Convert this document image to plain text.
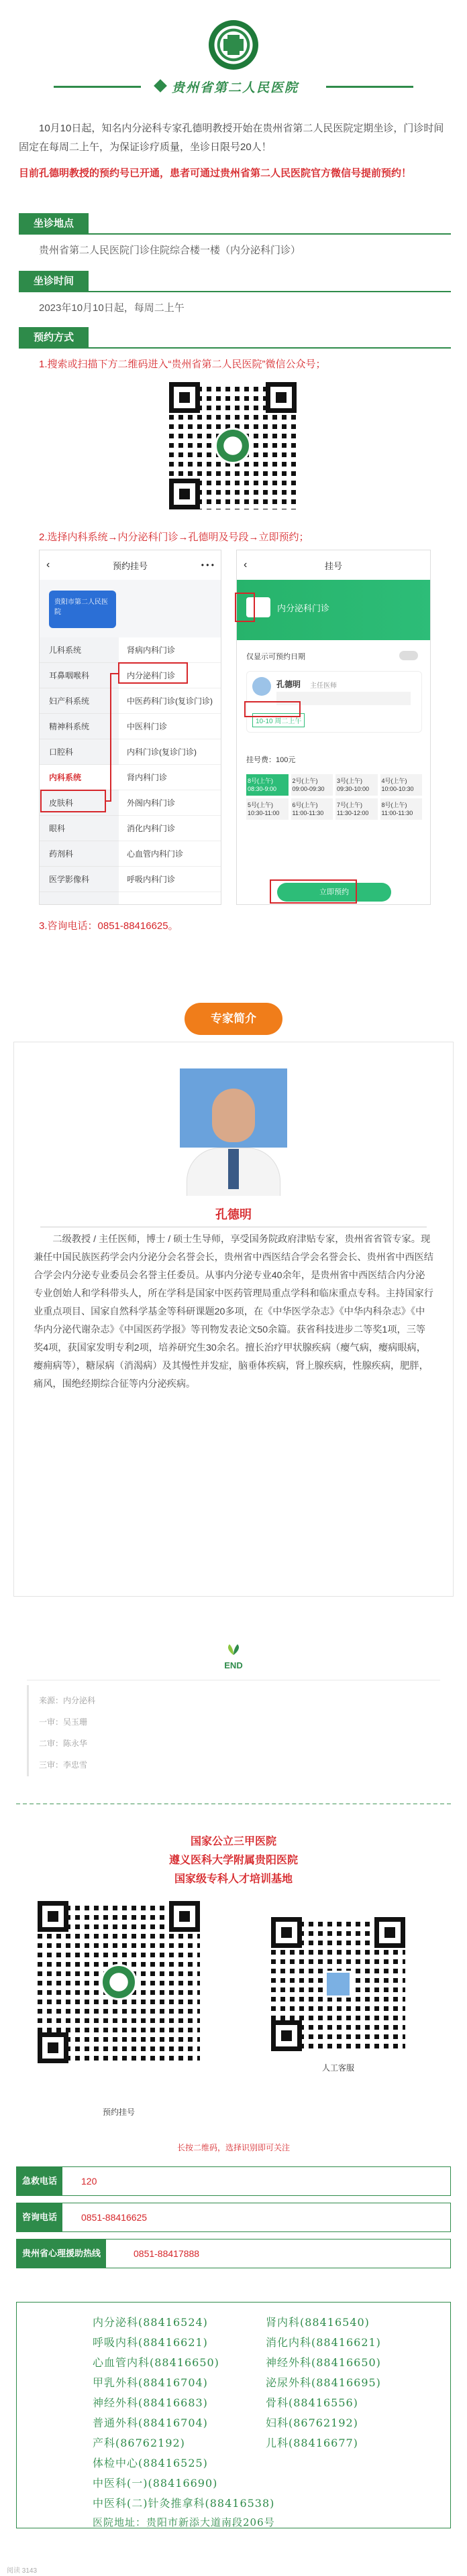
贵州省第二人民医院
10月10日起，知名内分泌科专家孔德明教授开始在贵州省第二人民医院定期坐诊，门诊时间固定在每周二上午，为保证诊疗质量，坐诊日限号20人！
目前孔德明教授的预约号已开通，患者可通过贵州省第二人民医院官方微信号提前预约！
坐诊地点
贵州省第二人民医院门诊住院综合楼一楼（内分泌科门诊）
坐诊时间
2023年10月10日起，每周二上午
预约方式
1.搜索或扫描下方二维码进入“贵州省第二人民医院”微信公众号；
2.选择内科系统→内分泌科门诊→孔德明及号段→立即预约；
‹	预约挂号	• • •
贵阳市第二人民医院
儿科系统
耳鼻咽喉科
妇产科系统
精神科系统
口腔科
内科系统
皮肤科
眼科
药剂科
医学影像科
肾病内科门诊
内分泌科门诊
中医药科门诊(复诊门诊)
中医科门诊
内科门诊(复诊门诊)
肾内科门诊
外阁内科门诊
消化内科门诊
心血管内科门诊
呼吸内科门诊
‹	挂号
内分泌科门诊
仅显示可预约日期
孔德明 主任医师
10-10 周二上午
挂号费：100元
8号(上午) 08:30-9:00
2号(上午) 09:00-09:30
3号(上午) 09:30-10:00
4号(上午) 10:00-10:30
5号(上午) 10:30-11:00
6号(上午) 11:00-11:30
7号(上午) 11:30-12:00
8号(上午) 11:00-11:30
立即预约
3.咨询电话：0851-88416625。
专家简介
孔德明
二级教授 / 主任医师，博士 / 硕士生导师，享受国务院政府津贴专家，贵州省省管专家。现兼任中国民族医药学会内分泌分会名誉会长，贵州省中西医结合学会名誉会长、贵州省中西医结合学会内分泌专业委员会名誉主任委员。从事内分泌专业40余年，是贵州省中西医结合内分泌专业创始人和学科带头人，所在学科是国家中医药管理局重点学科和临床重点专科。主持国家行业重点项目、国家自然科学基金等科研课题20多项，在《中华医学杂志》《中华内科杂志》《中华内分泌代谢杂志》《中国医药学报》等刊物发表论文50余篇。获省科技进步二等奖1项，三等奖4项，获国家发明专利2项，培养研究生30余名。擅长治疗甲状腺疾病（瘿气病，瘿病眼病，瘿痈病等），糖尿病（消渴病）及其慢性并发症，脑垂体疾病，肾上腺疾病，性腺疾病，肥胖，痛风，围绝经期综合征等内分泌疾病。
END
来源：内分泌科
一审：吴玉珊
二审：陈永华
三审：李忠雪
国家公立三甲医院
遵义医科大学附属贵阳医院
国家级专科人才培训基地
预约挂号
人工客服
长按二维码，选择识别即可关注
急救电话	120
咨询电话	0851-88416625
贵州省心理援助热线	0851-88417888
内分泌科(88416524)	肾内科(88416540)
呼吸内科(88416621)	消化内科(88416621)
心血管内科(88416650)	神经外科(88416650)
甲乳外科(88416704)	泌尿外科(88416695)
神经外科(88416683)	骨科(88416556)
普通外科(88416704)	妇科(86762192)
产科(86762192)	儿科(88416677)
体检中心(88416525)
中医科(一)(88416690)
中医科(二)针灸推拿科(88416538)
医院地址：贵阳市新添大道南段206号
阅读 3143
